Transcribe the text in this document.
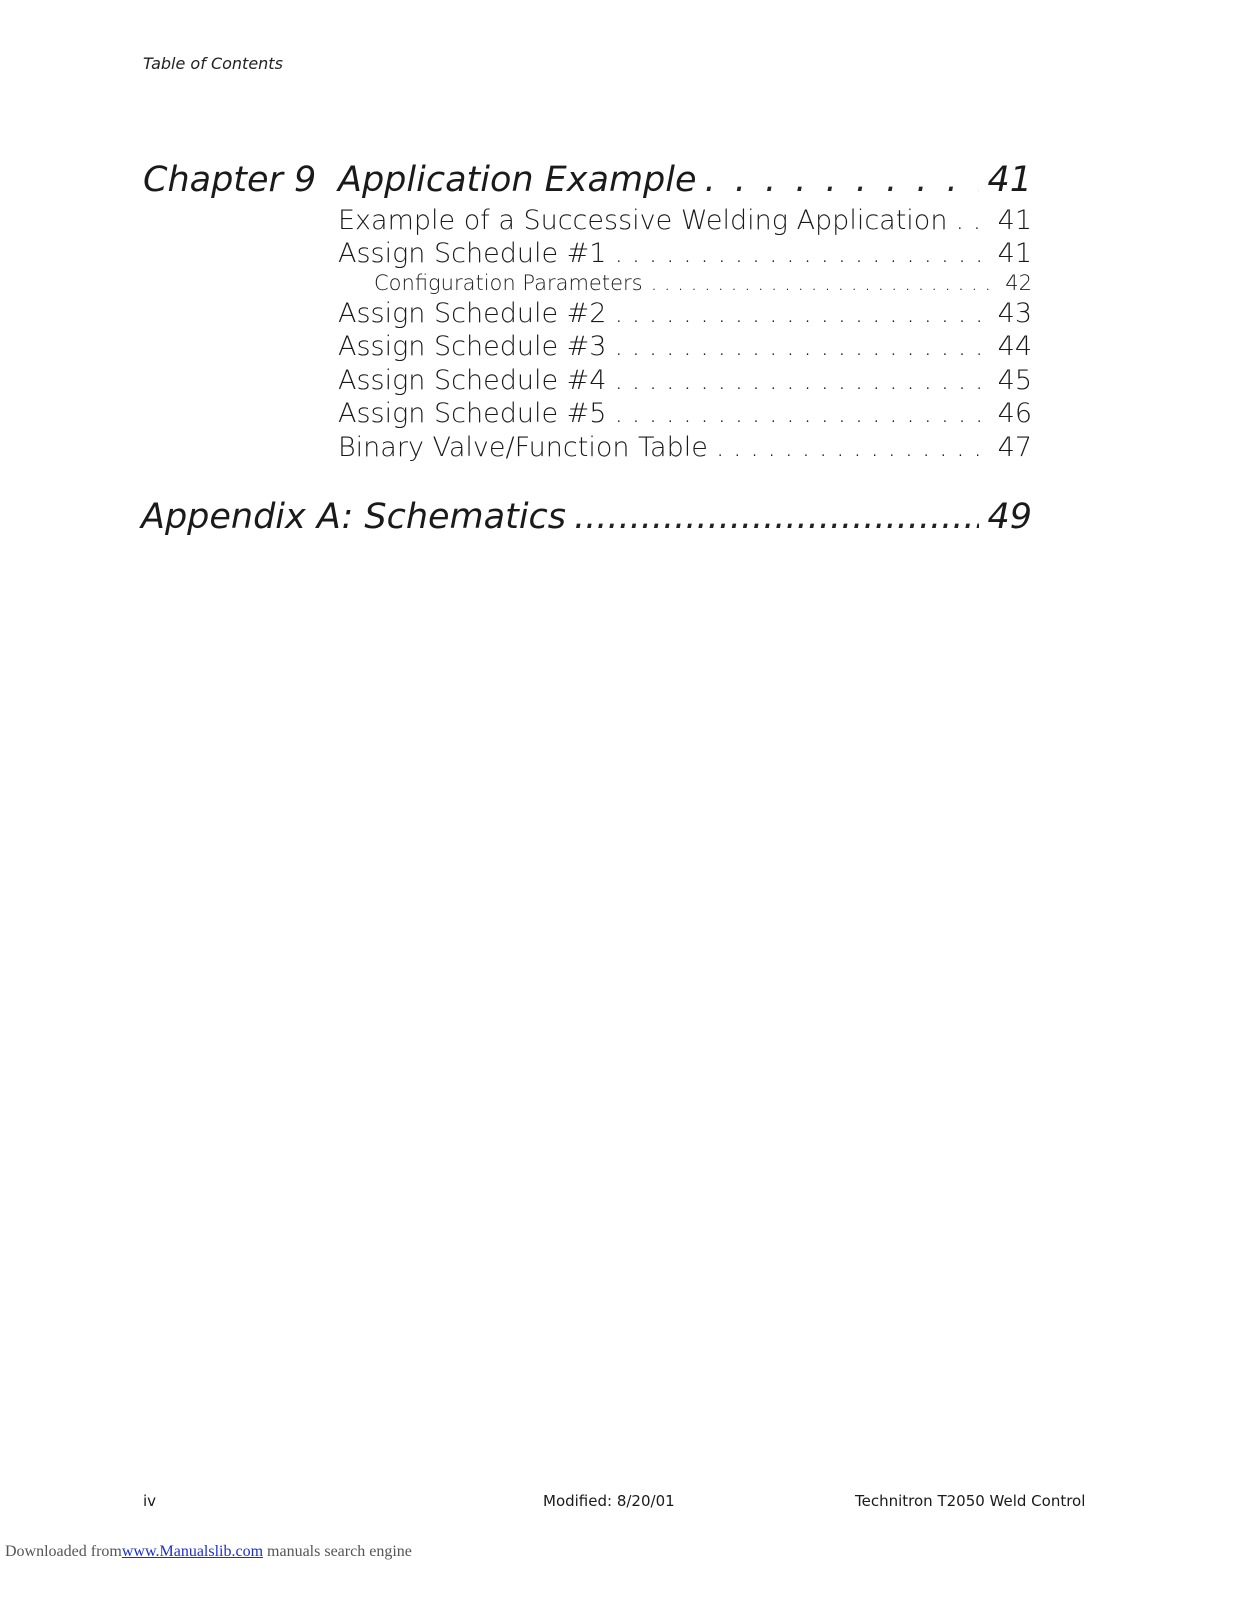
Table of Contents
Chapter 9 Application Example . . .	41
Example of a Successive Welding Application . . . 41
Assign Schedule #1 . . .	41
Configuration Parameters . . .	42
Assign Schedule #2 . . .	43
Assign Schedule #3 . . .	44
Assign Schedule #4 . . .	45
Assign Schedule #5 . . .	46
Binary Valve/Function Table . . .	47
Appendix A: Schematics .....	49
iv	Modified: 8/20/01	Technitron T2050 Weld Control
Downloaded fromwww.Manualslib.com manuals search engine
